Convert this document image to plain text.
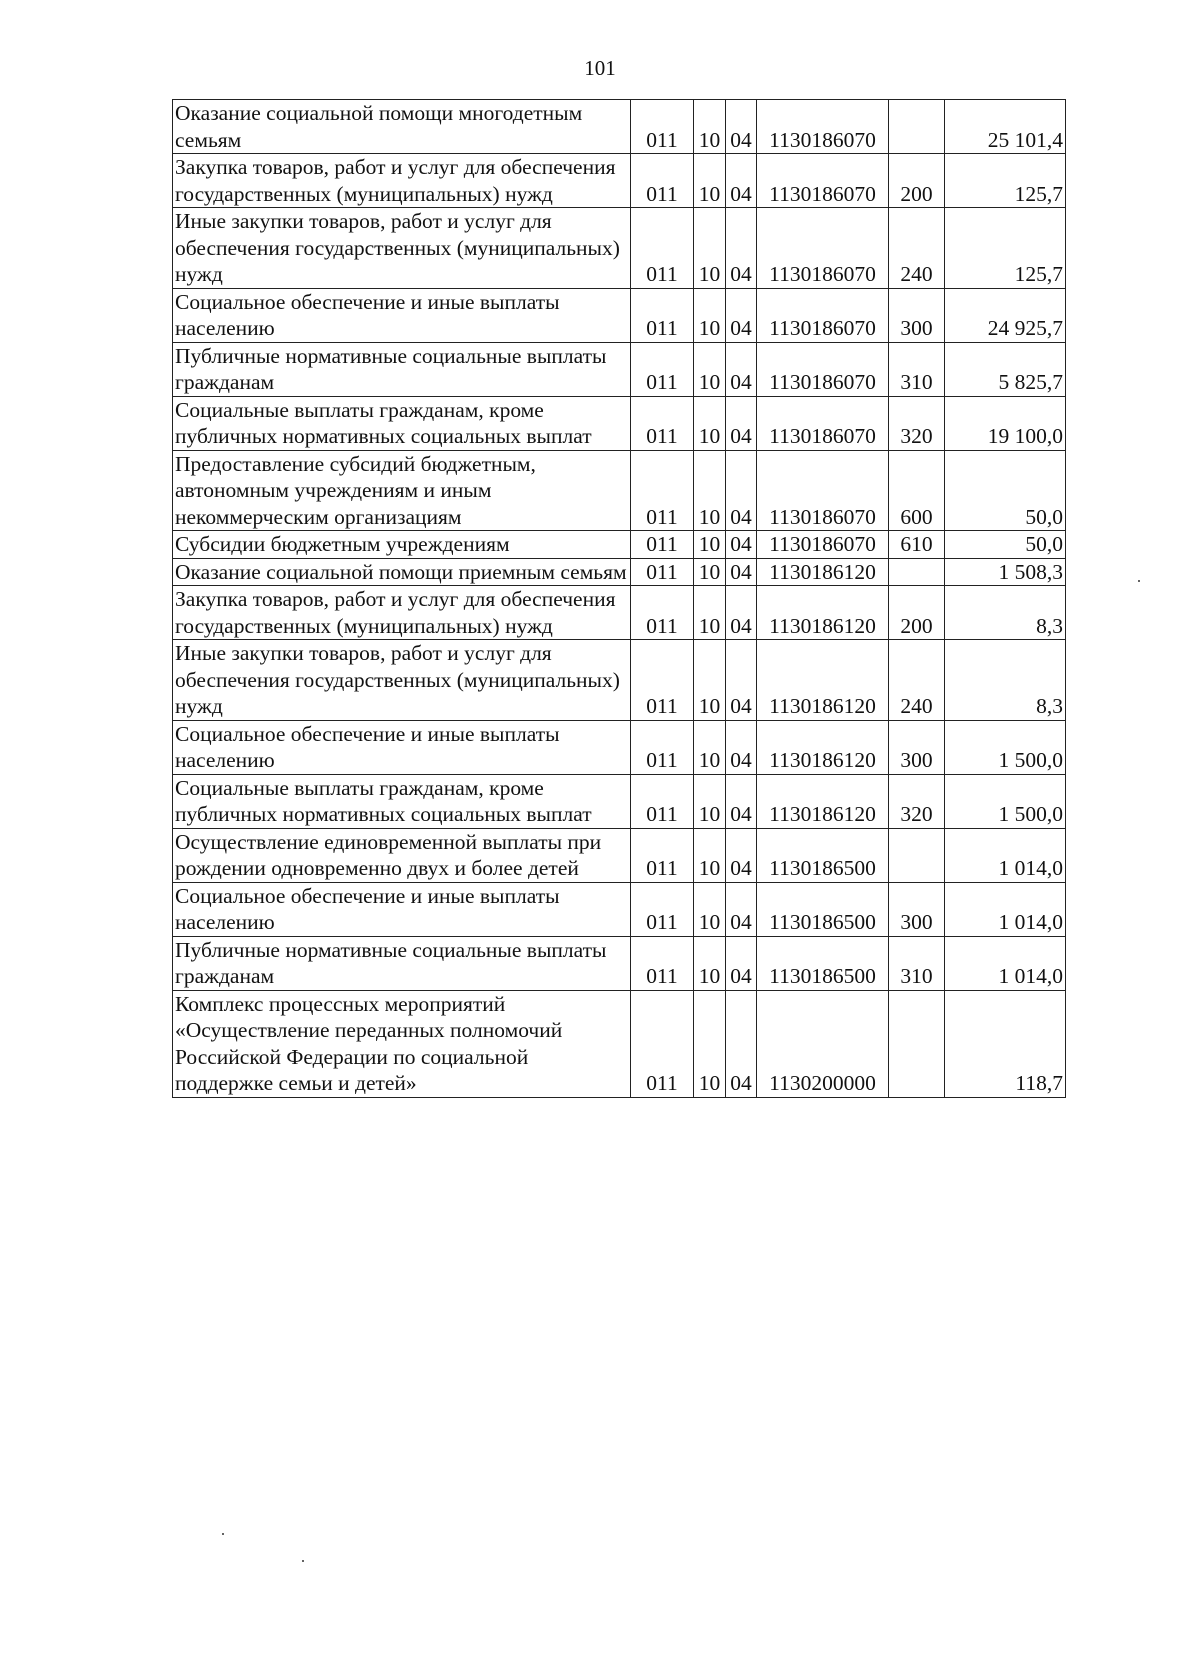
101
Оказание социальной помощи многодетным семьям	011	10	04	1130186070		25 101,4
Закупка товаров, работ и услуг для обеспечения государственных (муниципальных) нужд	011	10	04	1130186070	200	125,7
Иные закупки товаров, работ и услуг для обеспечения государственных (муниципальных) нужд	011	10	04	1130186070	240	125,7
Социальное обеспечение и иные выплаты населению	011	10	04	1130186070	300	24 925,7
Публичные нормативные социальные выплаты гражданам	011	10	04	1130186070	310	5 825,7
Социальные выплаты гражданам, кроме публичных нормативных социальных выплат	011	10	04	1130186070	320	19 100,0
Предоставление субсидий бюджетным, автономным учреждениям и иным некоммерческим организациям	011	10	04	1130186070	600	50,0
Субсидии бюджетным учреждениям	011	10	04	1130186070	610	50,0
Оказание социальной помощи приемным семьям	011	10	04	1130186120		1 508,3
Закупка товаров, работ и услуг для обеспечения государственных (муниципальных) нужд	011	10	04	1130186120	200	8,3
Иные закупки товаров, работ и услуг для обеспечения государственных (муниципальных) нужд	011	10	04	1130186120	240	8,3
Социальное обеспечение и иные выплаты населению	011	10	04	1130186120	300	1 500,0
Социальные выплаты гражданам, кроме публичных нормативных социальных выплат	011	10	04	1130186120	320	1 500,0
Осуществление единовременной выплаты при рождении одновременно двух и более детей	011	10	04	1130186500		1 014,0
Социальное обеспечение и иные выплаты населению	011	10	04	1130186500	300	1 014,0
Публичные нормативные социальные выплаты гражданам	011	10	04	1130186500	310	1 014,0
Комплекс процессных мероприятий «Осуществление переданных полномочий Российской Федерации по социальной поддержке семьи и детей»	011	10	04	1130200000		118,7
